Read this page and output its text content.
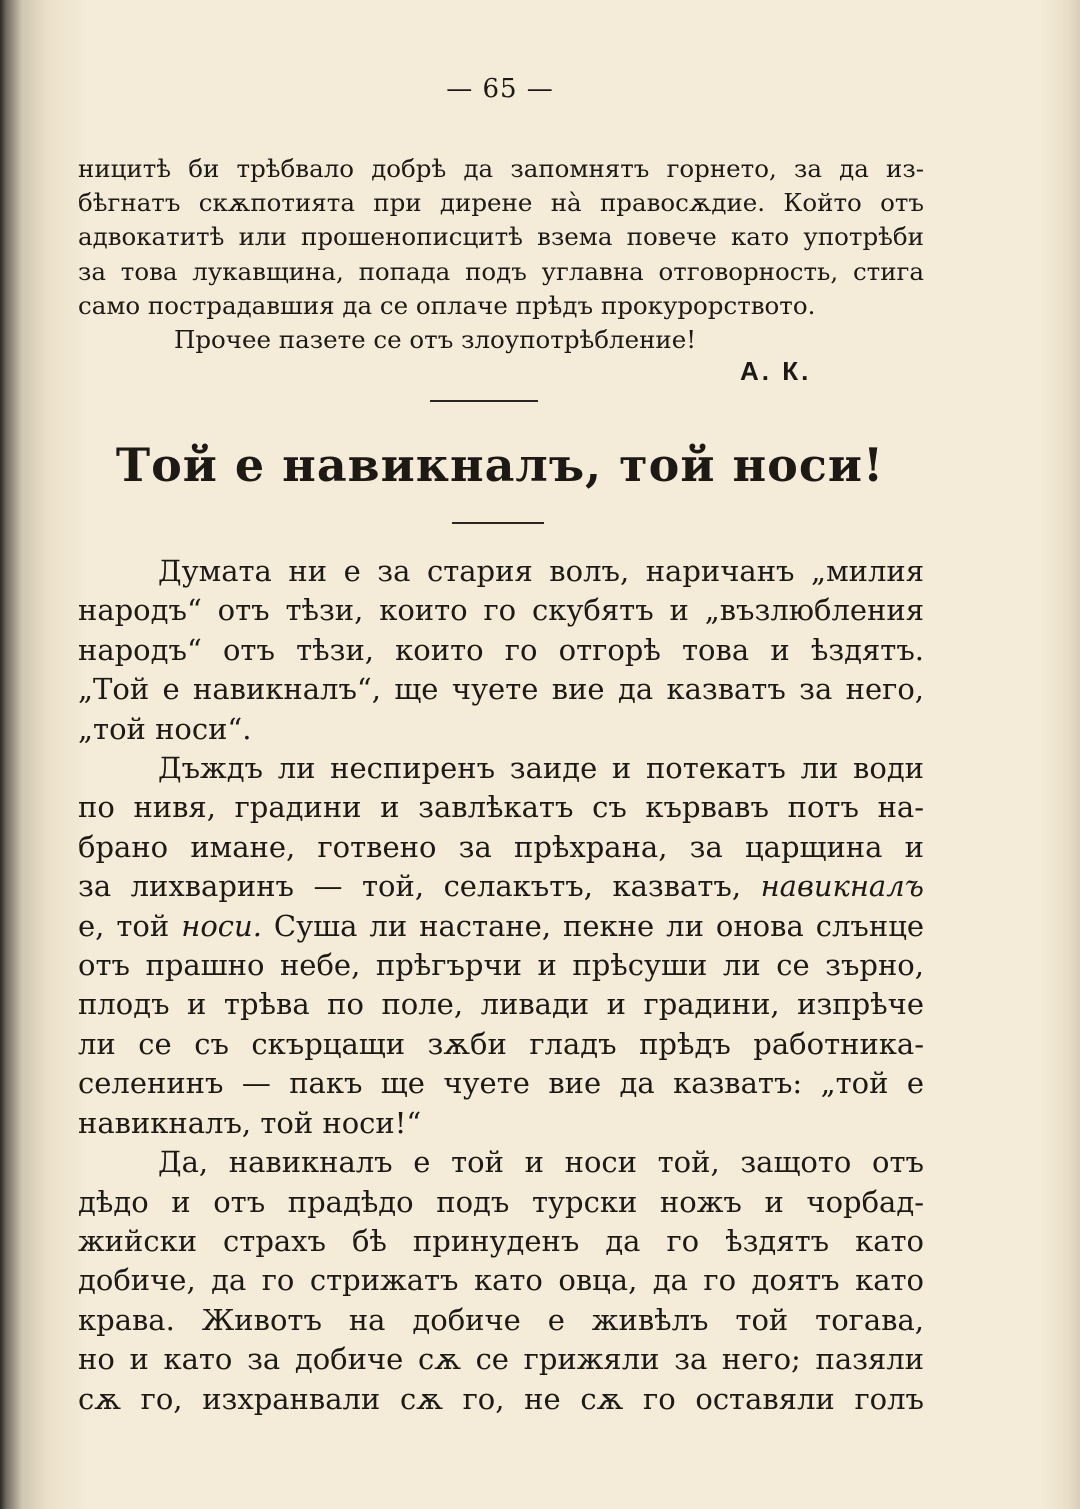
— 65 —
ницитѣ би трѣбвало добрѣ да запомнятъ горнето, за да из-
бѣгнатъ скѫпотията при дирене на̀ правосѫдие. Който отъ
адвокатитѣ или прошенописцитѣ взема повече като употрѣби
за това лукавщина, попада подъ углавна отговорность, стига
само пострадавшия да се оплаче прѣдъ прокурорството.
Прочее пазете се отъ злоупотрѣбление!
А. К.
Той е навикналъ, той носи!
Думата ни е за стария волъ, наричанъ „милия
народъ“ отъ тѣзи, които го скубятъ и „възлюбления
народъ“ отъ тѣзи, които го отгорѣ това и ѣздятъ.
„Той е навикналъ“, ще чуете вие да казватъ за него,
„той носи“.
Дъждъ ли неспиренъ заиде и потекатъ ли води
по нивя, градини и завлѣкатъ съ кървавъ потъ на-
брано имане, готвено за прѣхрана, за царщина и
за лихваринъ — той, селакътъ, казватъ, навикналъ
е, той носи. Суша ли настане, пекне ли онова слънце
отъ прашно небе, прѣгърчи и прѣсуши ли се зърно,
плодъ и трѣва по поле, ливади и градини, изпрѣче
ли се съ скърцащи зѫби гладъ прѣдъ работника-
селенинъ — пакъ ще чуете вие да казватъ: „той е
навикналъ, той носи!“
Да, навикналъ е той и носи той, защото отъ
дѣдо и отъ прадѣдо подъ турски ножъ и чорбад-
жийски страхъ бѣ принуденъ да го ѣздятъ като
добиче, да го стрижатъ като овца, да го доятъ като
крава. Животъ на добиче е живѣлъ той тогава,
но и като за добиче сѫ се грижяли за него; пазяли
сѫ го, изхранвали сѫ го, не сѫ го оставяли голъ
